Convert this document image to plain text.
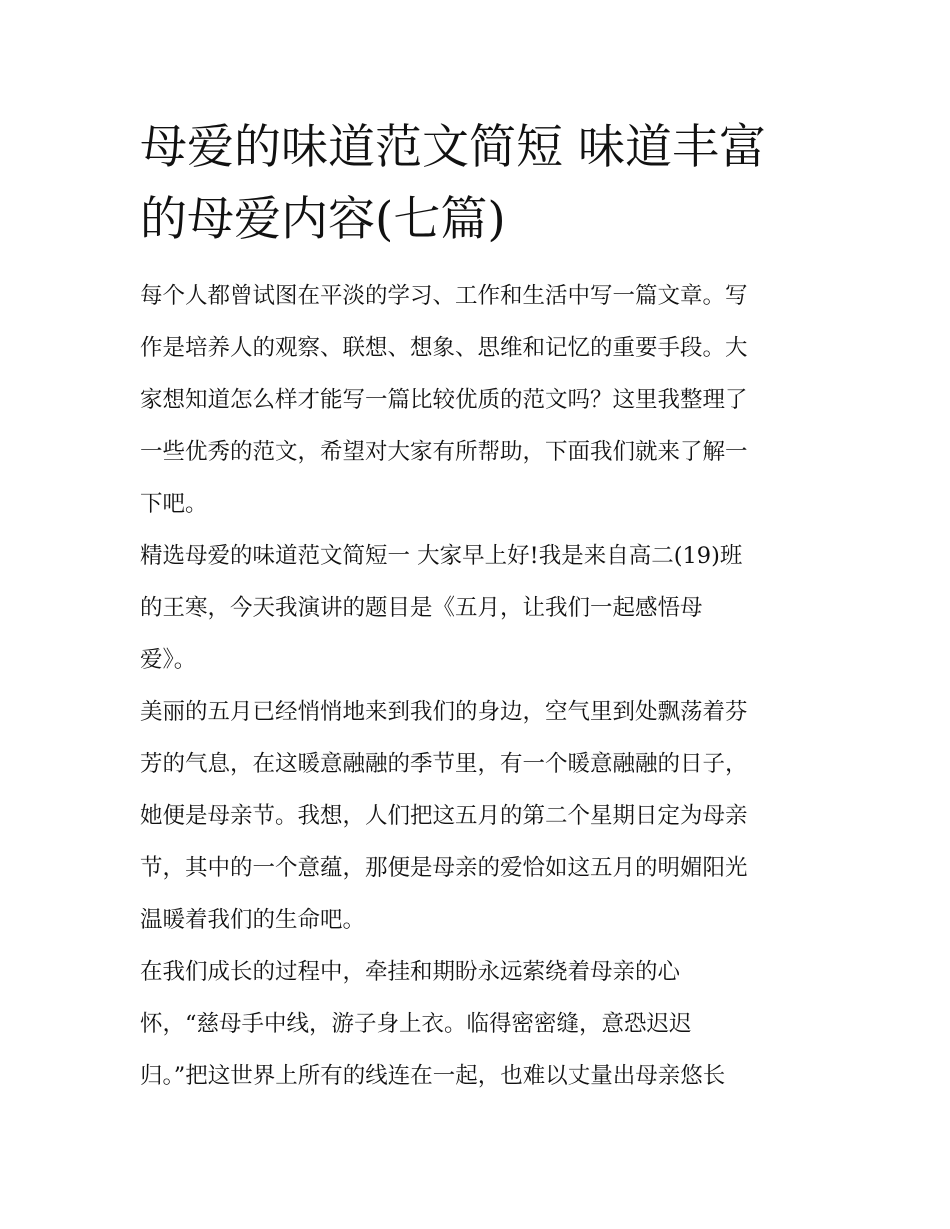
母爱的味道范文简短 味道丰富
的母爱内容(七篇)
每个人都曾试图在平淡的学习、工作和生活中写一篇文章。写
作是培养人的观察、联想、想象、思维和记忆的重要手段。大
家想知道怎么样才能写一篇比较优质的范文吗？这里我整理了
一些优秀的范文，希望对大家有所帮助，下面我们就来了解一
下吧。
精选母爱的味道范文简短一 大家早上好!我是来自高二(19)班
的王寒，今天我演讲的题目是《五月，让我们一起感悟母
爱》。
美丽的五月已经悄悄地来到我们的身边，空气里到处飘荡着芬
芳的气息，在这暖意融融的季节里，有一个暖意融融的日子，
她便是母亲节。我想，人们把这五月的第二个星期日定为母亲
节，其中的一个意蕴，那便是母亲的爱恰如这五月的明媚阳光
温暖着我们的生命吧。
在我们成长的过程中，牵挂和期盼永远萦绕着母亲的心
怀，“慈母手中线，游子身上衣。临得密密缝，意恐迟迟
归。”把这世界上所有的线连在一起，也难以丈量出母亲悠长
